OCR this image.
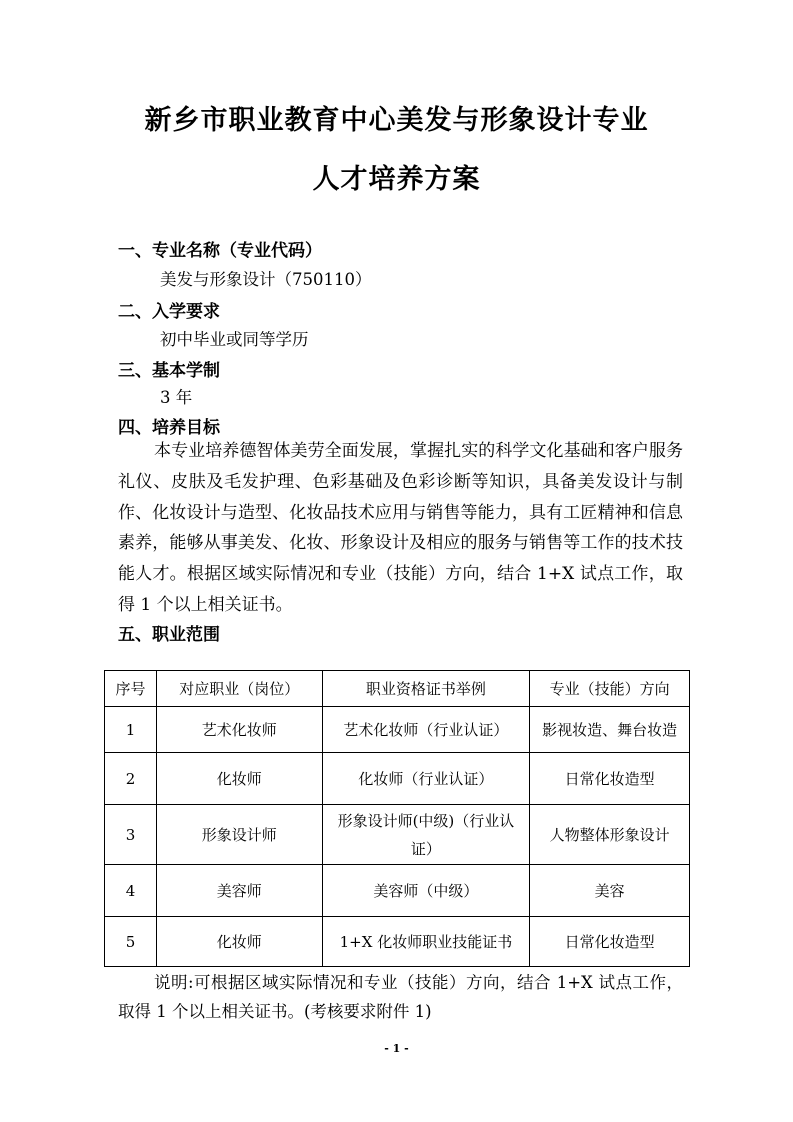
新乡市职业教育中心美发与形象设计专业
人才培养方案
一、专业名称（专业代码）
美发与形象设计（750110）
二、入学要求
初中毕业或同等学历
三、基本学制
3 年
四、培养目标
本专业培养德智体美劳全面发展，掌握扎实的科学文化基础和客户服务礼仪、皮肤及毛发护理、色彩基础及色彩诊断等知识，具备美发设计与制作、化妆设计与造型、化妆品技术应用与销售等能力，具有工匠精神和信息素养，能够从事美发、化妆、形象设计及相应的服务与销售等工作的技术技能人才。根据区域实际情况和专业（技能）方向，结合 1+X 试点工作，取得 1 个以上相关证书。
五、职业范围
序号	对应职业（岗位）	职业资格证书举例	专业（技能）方向
1	艺术化妆师	艺术化妆师（行业认证）	影视妆造、舞台妆造
2	化妆师	化妆师（行业认证）	日常化妆造型
3	形象设计师	形象设计师(中级)（行业认证）	人物整体形象设计
4	美容师	美容师（中级）	美容
5	化妆师	1+X 化妆师职业技能证书	日常化妆造型
说明:可根据区域实际情况和专业（技能）方向，结合 1+X 试点工作，取得 1 个以上相关证书。(考核要求附件 1)
- 1 -
